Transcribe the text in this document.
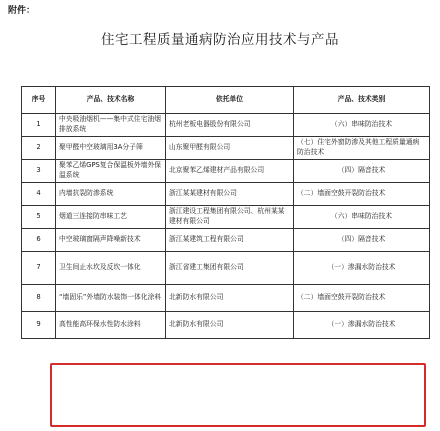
附件：
住宅工程质量通病防治应用技术与产品
序号	产品、技术名称	依托单位	产品、技术类别
1	中央吸油烟机——集中式住宅油烟排放系统	杭州老板电器股份有限公司	（六）串味防治技术
2	聚甲醛中空玻璃用3A分子筛	山东聚甲醛有限公司	（七）住宅外窗防渗及其他工程质量通病防治技术
3	聚苯乙烯GPS复合保温板外墙外保温系统	北京聚苯乙烯建材产品有限公司	（四）隔音技术
4	内墙抗裂防渗系统	浙江某某建材有限公司	（二）墙面空鼓开裂防治技术
5	烟道三连接防串味工艺	浙江建设工程集团有限公司、杭州某某建材有限公司	（六）串味防治技术
6	中空玻璃窗隔声降噪新技术	浙江某建筑工程有限公司	（四）隔音技术
7	卫生间止水坎及反坎一体化	浙江省建工集团有限公司	（一）渗漏水防治技术
8	“墙固乐”外墙防水装饰一体化涂料	北新防水有限公司	（二）墙面空鼓开裂防治技术
9	高性能高环保水性防水涂料	北新防水有限公司	（一）渗漏水防治技术
